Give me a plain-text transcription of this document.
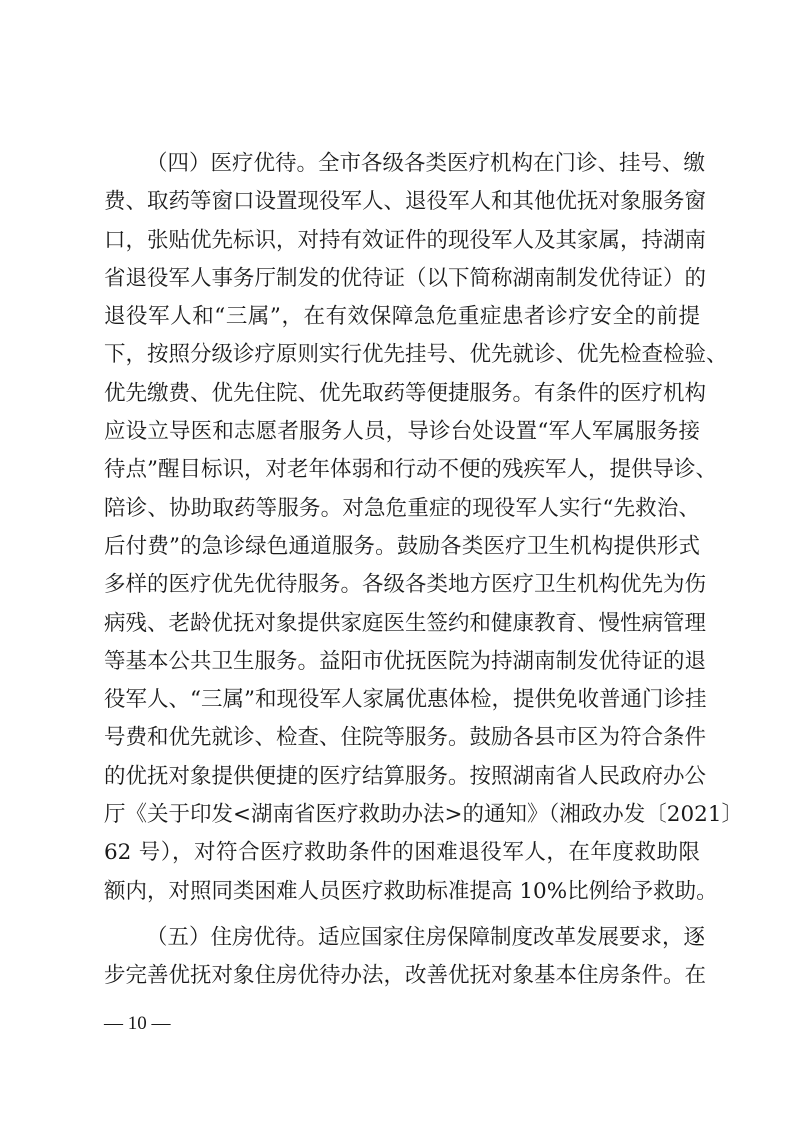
（四）医疗优待。全市各级各类医疗机构在门诊、挂号、缴
费、取药等窗口设置现役军人、退役军人和其他优抚对象服务窗
口，张贴优先标识，对持有效证件的现役军人及其家属，持湖南
省退役军人事务厅制发的优待证（以下简称湖南制发优待证）的
退役军人和“三属”，在有效保障急危重症患者诊疗安全的前提
下，按照分级诊疗原则实行优先挂号、优先就诊、优先检查检验、
优先缴费、优先住院、优先取药等便捷服务。有条件的医疗机构
应设立导医和志愿者服务人员，导诊台处设置“军人军属服务接
待点”醒目标识，对老年体弱和行动不便的残疾军人，提供导诊、
陪诊、协助取药等服务。对急危重症的现役军人实行“先救治、
后付费”的急诊绿色通道服务。鼓励各类医疗卫生机构提供形式
多样的医疗优先优待服务。各级各类地方医疗卫生机构优先为伤
病残、老龄优抚对象提供家庭医生签约和健康教育、慢性病管理
等基本公共卫生服务。益阳市优抚医院为持湖南制发优待证的退
役军人、“三属”和现役军人家属优惠体检，提供免收普通门诊挂
号费和优先就诊、检查、住院等服务。鼓励各县市区为符合条件
的优抚对象提供便捷的医疗结算服务。按照湖南省人民政府办公
厅《关于印发<湖南省医疗救助办法>的通知》（湘政办发〔2021〕
62 号），对符合医疗救助条件的困难退役军人，在年度救助限
额内，对照同类困难人员医疗救助标准提高 10%比例给予救助。
（五）住房优待。适应国家住房保障制度改革发展要求，逐
步完善优抚对象住房优待办法，改善优抚对象基本住房条件。在
— 10 —
